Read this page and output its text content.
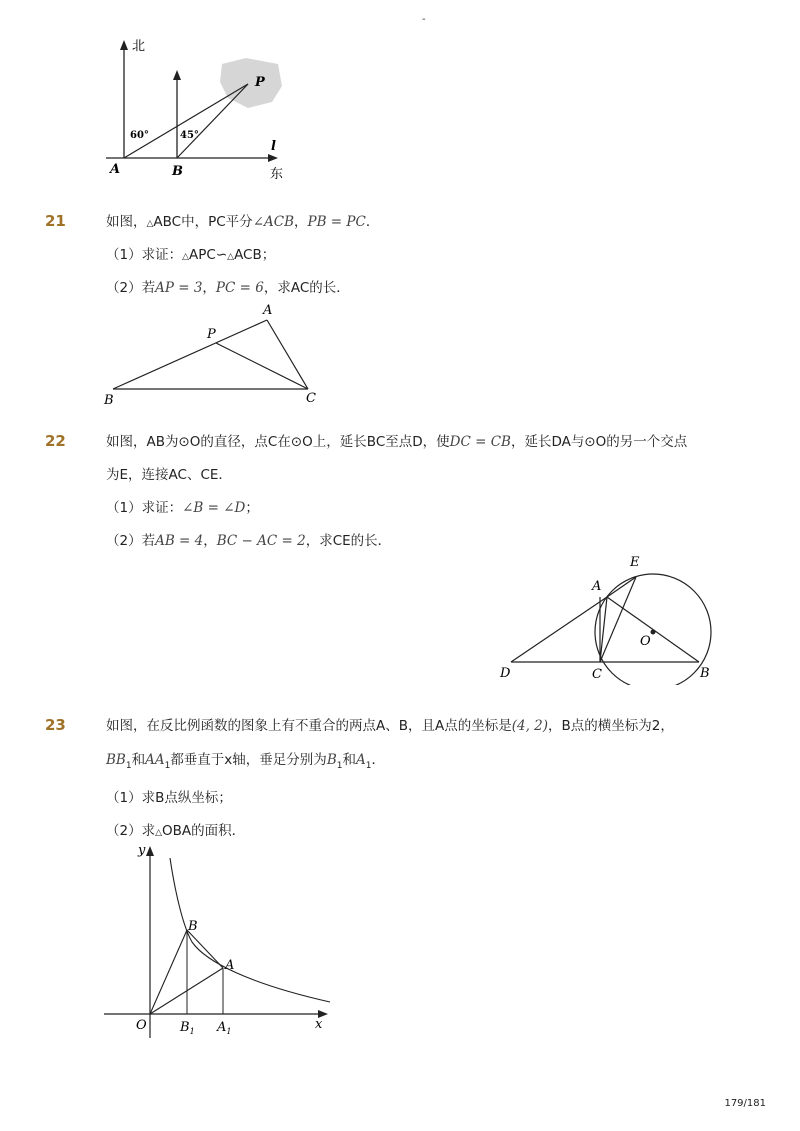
-
北
P
60°	45°
l
A	B	东
21	如图，△ABC中，PC平分∠ACB，PB = PC．
（1）求证：△APC∽△ACB；
（2）若AP = 3，PC = 6，求AC的长．
A
P
B	C
22	如图，AB为⊙O的直径，点C在⊙O上，延长BC至点D，使DC = CB，延长DA与⊙O的另一个交点
为E，连接AC、CE．
（1）求证：∠B = ∠D；
（2）若AB = 4，BC − AC = 2，求CE的长．
E
A
O
D	C	B
23	如图，在反比例函数的图象上有不重合的两点A、B，且A点的坐标是(4, 2)，B点的横坐标为2，
$BB_1$和$AA_1$都垂直于x轴，垂足分别为$B_1$和$A_1$．
（1）求B点纵坐标；
（2）求△OBA的面积．
y
B
A
x
O	$B_1$ $A_1$
179/181
